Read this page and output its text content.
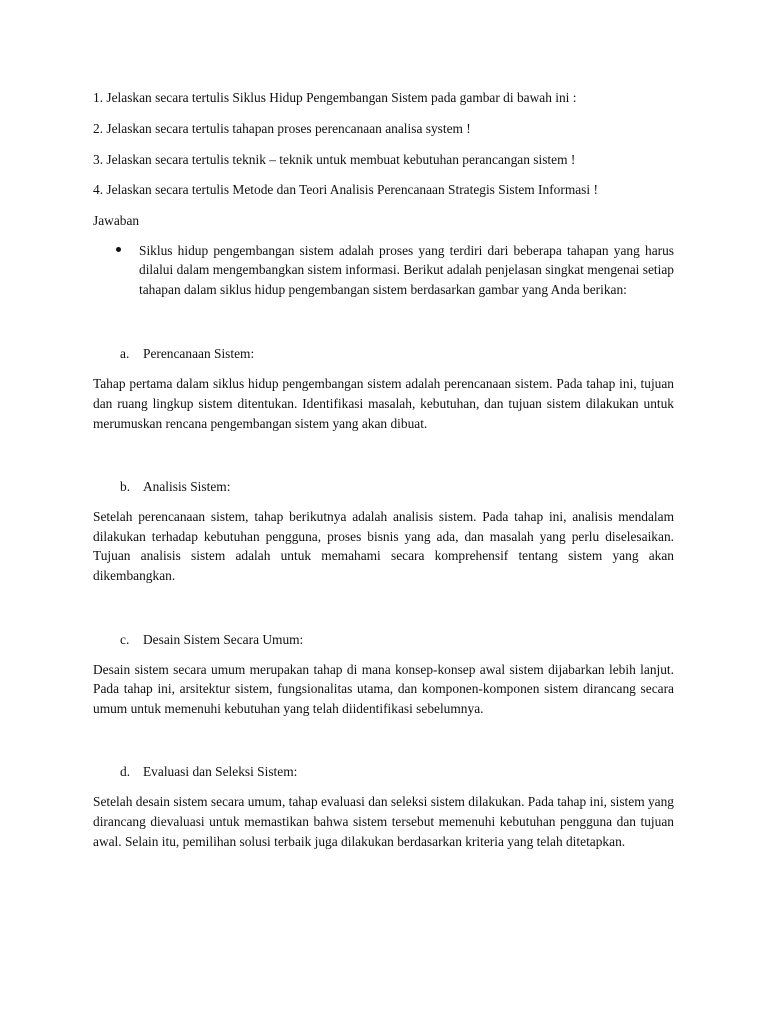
1. Jelaskan secara tertulis Siklus Hidup Pengembangan Sistem pada gambar di bawah ini :

2. Jelaskan secara tertulis tahapan proses perencanaan analisa system !

3. Jelaskan secara tertulis teknik – teknik untuk membuat kebutuhan perancangan sistem !

4. Jelaskan secara tertulis Metode dan Teori Analisis Perencanaan Strategis Sistem Informasi !

Jawaban

Siklus hidup pengembangan sistem adalah proses yang terdiri dari beberapa tahapan yang harus dilalui dalam mengembangkan sistem informasi. Berikut adalah penjelasan singkat mengenai setiap tahapan dalam siklus hidup pengembangan sistem berdasarkan gambar yang Anda berikan:

a. Perencanaan Sistem:

Tahap pertama dalam siklus hidup pengembangan sistem adalah perencanaan sistem. Pada tahap ini, tujuan dan ruang lingkup sistem ditentukan. Identifikasi masalah, kebutuhan, dan tujuan sistem dilakukan untuk merumuskan rencana pengembangan sistem yang akan dibuat.

b. Analisis Sistem:

Setelah perencanaan sistem, tahap berikutnya adalah analisis sistem. Pada tahap ini, analisis mendalam dilakukan terhadap kebutuhan pengguna, proses bisnis yang ada, dan masalah yang perlu diselesaikan. Tujuan analisis sistem adalah untuk memahami secara komprehensif tentang sistem yang akan dikembangkan.

c. Desain Sistem Secara Umum:

Desain sistem secara umum merupakan tahap di mana konsep-konsep awal sistem dijabarkan lebih lanjut. Pada tahap ini, arsitektur sistem, fungsionalitas utama, dan komponen-komponen sistem dirancang secara umum untuk memenuhi kebutuhan yang telah diidentifikasi sebelumnya.

d. Evaluasi dan Seleksi Sistem:

Setelah desain sistem secara umum, tahap evaluasi dan seleksi sistem dilakukan. Pada tahap ini, sistem yang dirancang dievaluasi untuk memastikan bahwa sistem tersebut memenuhi kebutuhan pengguna dan tujuan awal. Selain itu, pemilihan solusi terbaik juga dilakukan berdasarkan kriteria yang telah ditetapkan.
